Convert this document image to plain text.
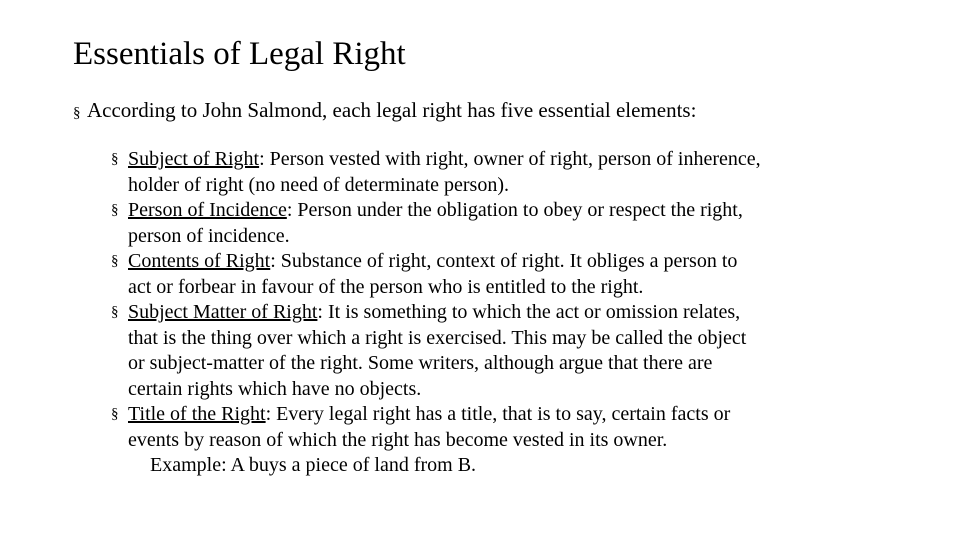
Essentials of Legal Right
§ According to John Salmond, each legal right has five essential elements:
§ Subject of Right: Person vested with right, owner of right, person of inherence,
holder of right (no need of determinate person).
§ Person of Incidence: Person under the obligation to obey or respect the right,
person of incidence.
§ Contents of Right: Substance of right, context of right. It obliges a person to
act or forbear in favour of the person who is entitled to the right.
§ Subject Matter of Right: It is something to which the act or omission relates,
that is the thing over which a right is exercised. This may be called the object
or subject-matter of the right. Some writers, although argue that there are
certain rights which have no objects.
§ Title of the Right: Every legal right has a title, that is to say, certain facts or
events by reason of which the right has become vested in its owner.
Example: A buys a piece of land from B.
